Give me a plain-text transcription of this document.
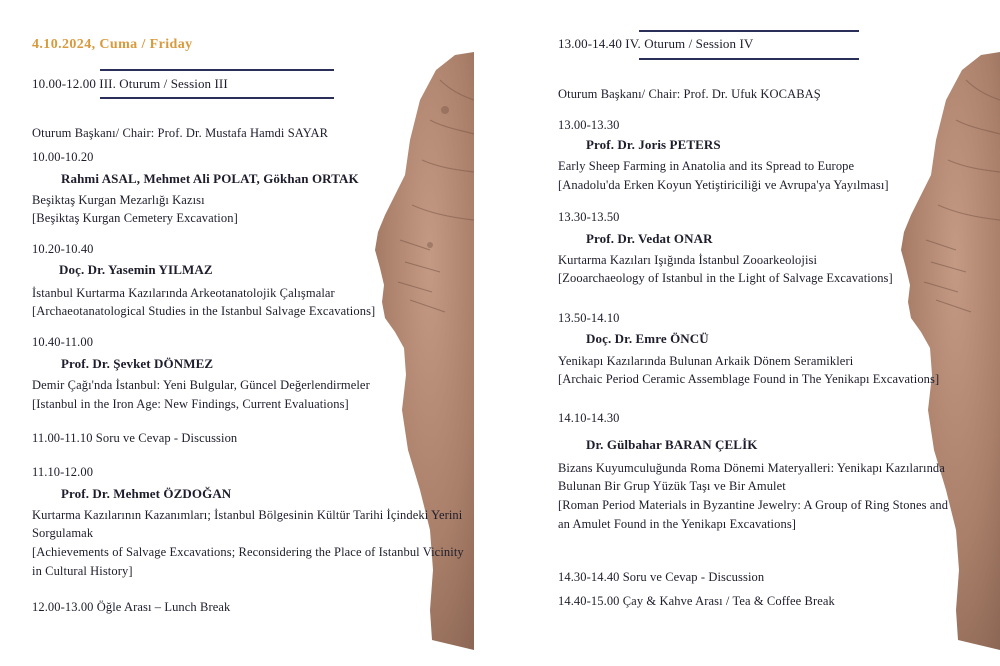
4.10.2024, Cuma / Friday
10.00-12.00 III. Oturum / Session III
Oturum Başkanı/ Chair: Prof. Dr. Mustafa Hamdi SAYAR
10.00-10.20
Rahmi ASAL, Mehmet Ali POLAT, Gökhan ORTAK
Beşiktaş Kurgan Mezarlığı Kazısı
[Beşiktaş Kurgan Cemetery Excavation]
10.20-10.40
Doç. Dr. Yasemin YILMAZ
İstanbul Kurtarma Kazılarında Arkeotanatolojik Çalışmalar
[Archaeotanatological Studies in the Istanbul Salvage Excavations]
10.40-11.00
Prof. Dr. Şevket DÖNMEZ
Demir Çağı'nda İstanbul: Yeni Bulgular, Güncel Değerlendirmeler
[Istanbul in the Iron Age: New Findings, Current Evaluations]
11.00-11.10 Soru ve Cevap - Discussion
11.10-12.00
Prof. Dr. Mehmet ÖZDOĞAN
Kurtarma Kazılarının Kazanımları; İstanbul Bölgesinin Kültür Tarihi İçindeki Yerini
Sorgulamak
[Achievements of Salvage Excavations; Reconsidering the Place of Istanbul Vicinity
in Cultural History]
12.00-13.00 Öğle Arası – Lunch Break
13.00-14.40 IV. Oturum / Session IV
Oturum Başkanı/ Chair: Prof. Dr. Ufuk KOCABAŞ
13.00-13.30
Prof. Dr. Joris PETERS
Early Sheep Farming in Anatolia and its Spread to Europe
[Anadolu'da Erken Koyun Yetiştiriciliği ve Avrupa'ya Yayılması]
13.30-13.50
Prof. Dr. Vedat ONAR
Kurtarma Kazıları Işığında İstanbul Zooarkeolojisi
[Zooarchaeology of Istanbul in the Light of Salvage Excavations]
13.50-14.10
Doç. Dr. Emre ÖNCÜ
Yenikapı Kazılarında Bulunan Arkaik Dönem Seramikleri
[Archaic Period Ceramic Assemblage Found in The Yenikapı Excavations]
14.10-14.30
Dr. Gülbahar BARAN ÇELİK
Bizans Kuyumculuğunda Roma Dönemi Materyalleri: Yenikapı Kazılarında
Bulunan Bir Grup Yüzük Taşı ve Bir Amulet
[Roman Period Materials in Byzantine Jewelry: A Group of Ring Stones and
an Amulet Found in the Yenikapı Excavations]
14.30-14.40 Soru ve Cevap - Discussion
14.40-15.00 Çay & Kahve Arası / Tea & Coffee Break
